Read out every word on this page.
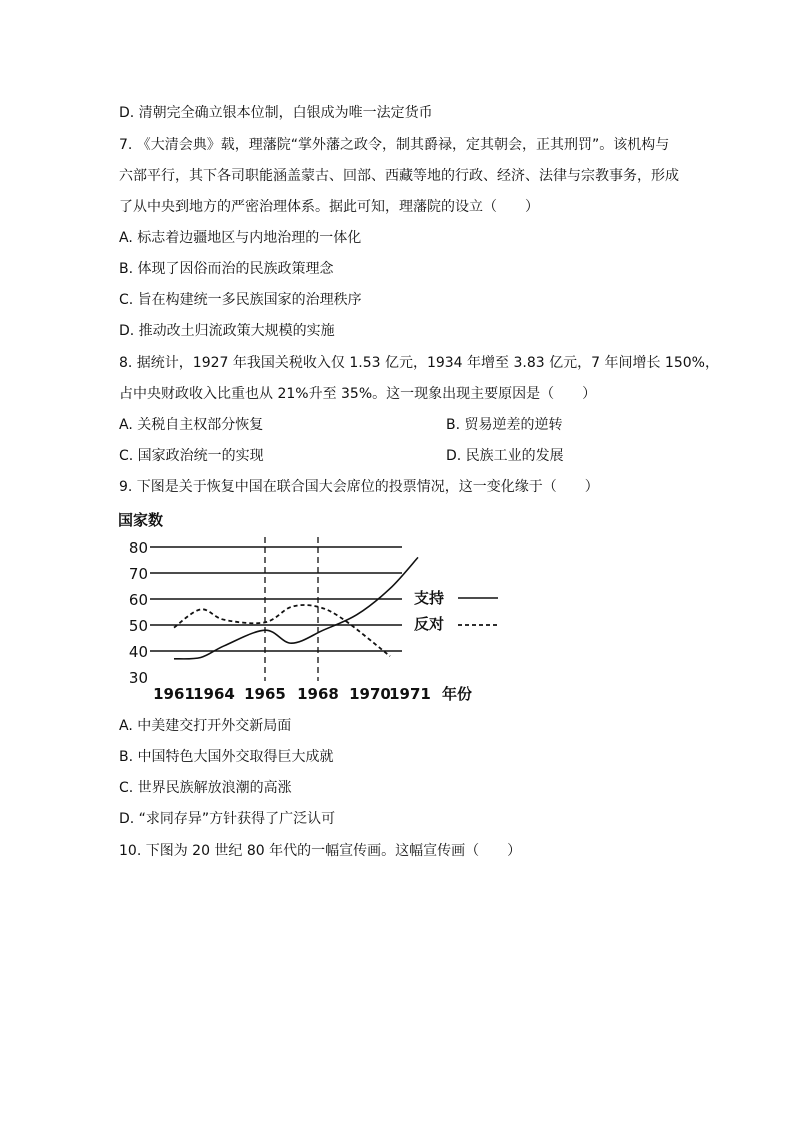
D. 清朝完全确立银本位制，白银成为唯一法定货币
7. 《大清会典》载，理藩院“掌外藩之政令，制其爵禄，定其朝会，正其刑罚”。该机构与
六部平行，其下各司职能涵盖蒙古、回部、西藏等地的行政、经济、法律与宗教事务，形成
了从中央到地方的严密治理体系。据此可知，理藩院的设立（　　）
A. 标志着边疆地区与内地治理的一体化
B. 体现了因俗而治的民族政策理念
C. 旨在构建统一多民族国家的治理秩序
D. 推动改土归流政策大规模的实施
8. 据统计，1927 年我国关税收入仅 1.53 亿元，1934 年增至 3.83 亿元，7 年间增长 150%，
占中央财政收入比重也从 21%升至 35%。这一现象出现主要原因是（　　）
A. 关税自主权部分恢复	B. 贸易逆差的逆转
C. 国家政治统一的实现	D. 民族工业的发展
9. 下图是关于恢复中国在联合国大会席位的投票情况，这一变化缘于（　　）
国家数
30
40
50
60
70
80
1961
1964 1965 1968 1970
1971 年份
支持
反对
A. 中美建交打开外交新局面
B. 中国特色大国外交取得巨大成就
C. 世界民族解放浪潮的高涨
D. “求同存异”方针获得了广泛认可
10. 下图为 20 世纪 80 年代的一幅宣传画。这幅宣传画（　　）
